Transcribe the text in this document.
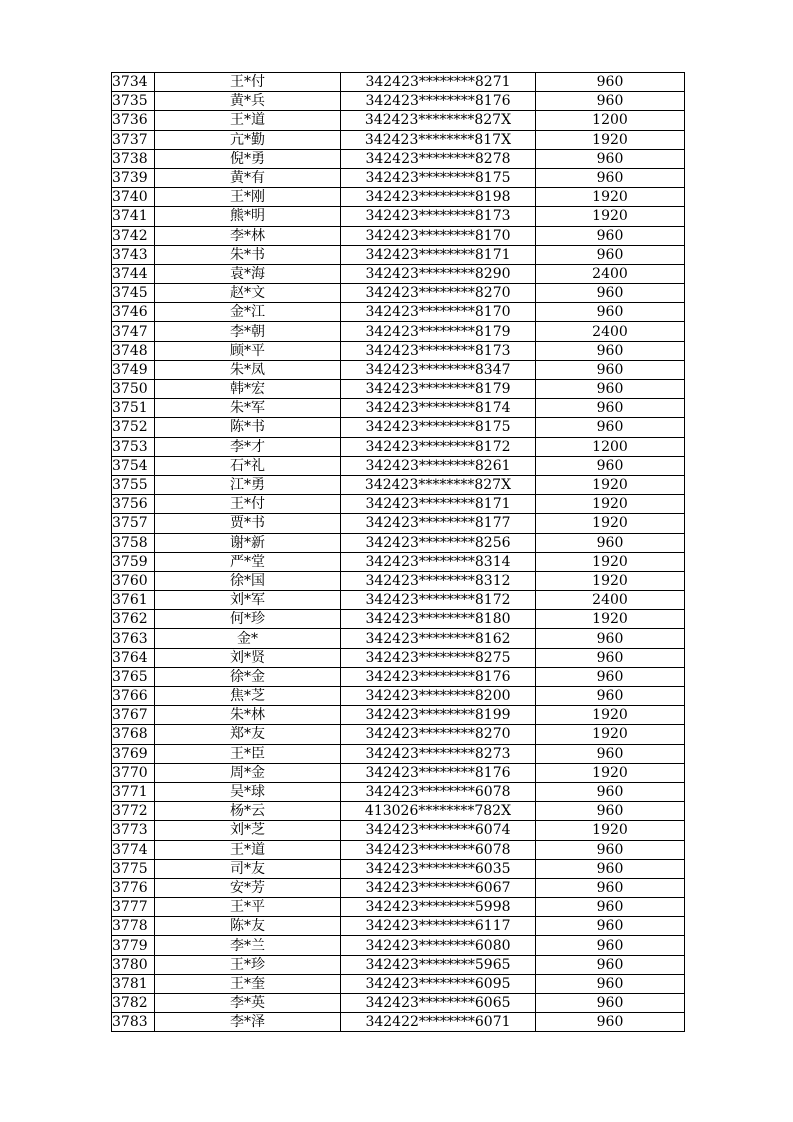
3734	王*付	342423********8271	960
3735	黄*兵	342423********8176	960
3736	王*道	342423********827X	1200
3737	亢*勤	342423********817X	1920
3738	倪*勇	342423********8278	960
3739	黄*有	342423********8175	960
3740	王*刚	342423********8198	1920
3741	熊*明	342423********8173	1920
3742	李*林	342423********8170	960
3743	朱*书	342423********8171	960
3744	袁*海	342423********8290	2400
3745	赵*文	342423********8270	960
3746	金*江	342423********8170	960
3747	李*朝	342423********8179	2400
3748	顾*平	342423********8173	960
3749	朱*凤	342423********8347	960
3750	韩*宏	342423********8179	960
3751	朱*军	342423********8174	960
3752	陈*书	342423********8175	960
3753	李*才	342423********8172	1200
3754	石*礼	342423********8261	960
3755	江*勇	342423********827X	1920
3756	王*付	342423********8171	1920
3757	贾*书	342423********8177	1920
3758	谢*新	342423********8256	960
3759	严*堂	342423********8314	1920
3760	徐*国	342423********8312	1920
3761	刘*军	342423********8172	2400
3762	何*珍	342423********8180	1920
3763	金*	342423********8162	960
3764	刘*贤	342423********8275	960
3765	徐*金	342423********8176	960
3766	焦*芝	342423********8200	960
3767	朱*林	342423********8199	1920
3768	郑*友	342423********8270	1920
3769	王*臣	342423********8273	960
3770	周*金	342423********8176	1920
3771	吴*球	342423********6078	960
3772	杨*云	413026********782X	960
3773	刘*芝	342423********6074	1920
3774	王*道	342423********6078	960
3775	司*友	342423********6035	960
3776	安*芳	342423********6067	960
3777	王*平	342423********5998	960
3778	陈*友	342423********6117	960
3779	李*兰	342423********6080	960
3780	王*珍	342423********5965	960
3781	王*奎	342423********6095	960
3782	李*英	342423********6065	960
3783	李*泽	342422********6071	960
